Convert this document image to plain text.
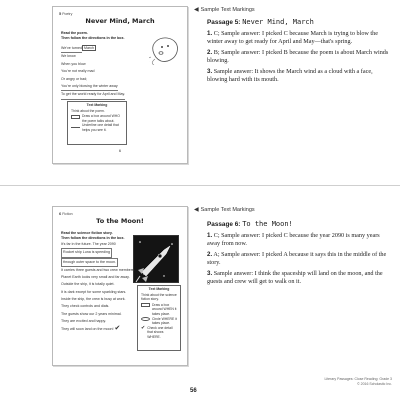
5 Poetry
Never Mind, March
Read the poem.
Then follow the directions in the box.
We've turnedMarch
We know
When you blow
You're not really mad
Or angry or bad;
You're only blowing the winter away
To get the world ready for April and May.
Text Marking
Think about the poem.
Draw a box around WHO the poem talks about.
Underline one detail that helps you see it.
6
◀ Sample Text Markings
Passage 5: Never Mind, March
1. C; Sample answer: I picked C because March is trying to blow the winter away to get ready for April and May—that's spring.
2. B; Sample answer: I picked B because the poem is about March winds blowing.
3. Sample answer: It shows the March wind as a cloud with a face, blowing hard with its mouth.
6 Fiction
To the Moon!
Read the science fiction story.
Then follow the directions in the box.
It's far in the future. The year 2090
Rocket ship Luna is speeding
through outer space to the moon.
It carries three guests and two crew members.
Planet Earth looks very small and far away.
Outside the ship, it is totally quiet.
It is dark except for some sparkling stars.
Inside the ship, the crew is busy at work.
They check controls and dials.
The guests show our 2 years minimal.
They are excited and happy.
They will soon land on the moon! ✔
Text Marking
Think about the science fiction story.
Draw a box around WHEN it takes place.
Circle WHERE it takes place.
✔ Check one detail that shows WHERE.
◀ Sample Text Markings
Passage 6: To the Moon!
1. C; Sample answer: I picked C because the year 2090 is many years away from now.
2. A; Sample answer: I picked A because it says this in the middle of the story.
3. Sample answer: I think the spaceship will land on the moon, and the guests and crew will get to walk on it.
Literary Passages: Close Reading: Grade 3
© 2016 Scholastic Inc.
56
